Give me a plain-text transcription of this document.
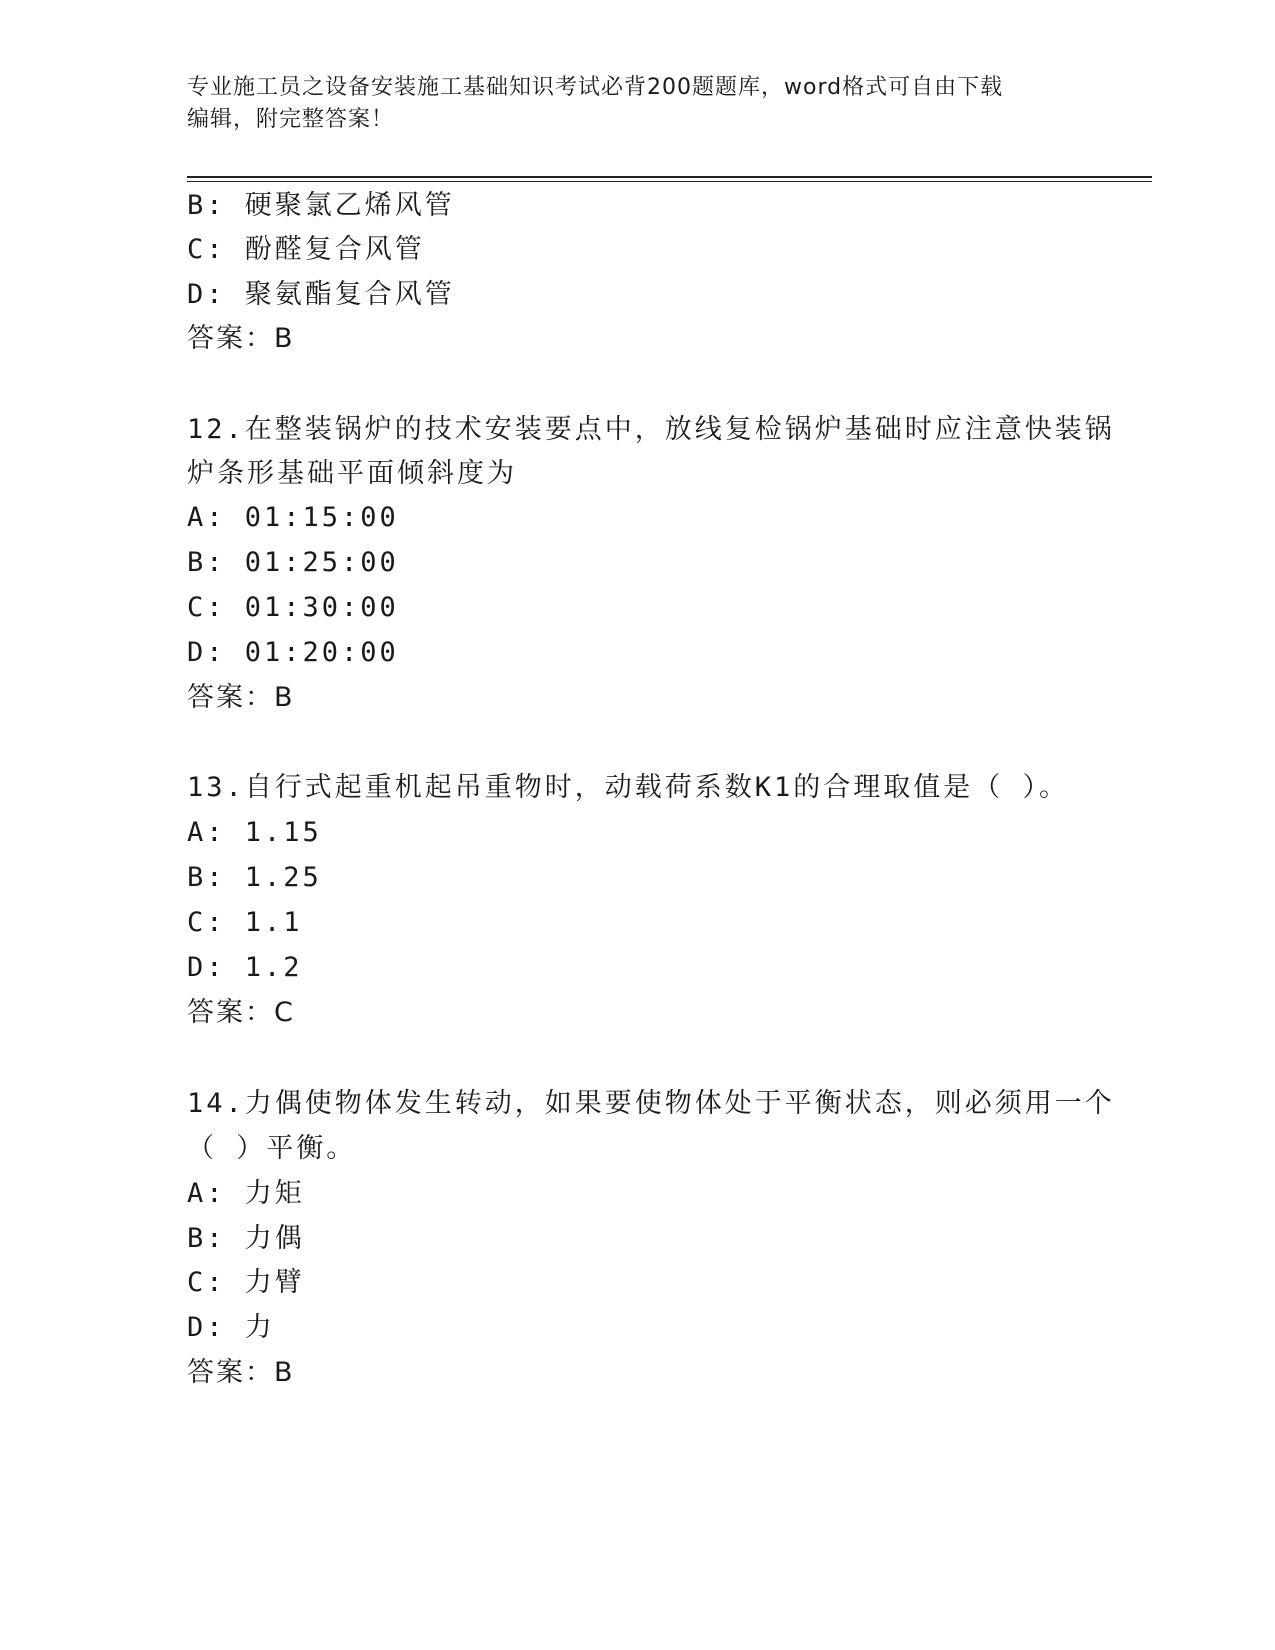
专业施工员之设备安装施工基础知识考试必背200题题库，word格式可自由下载
编辑，附完整答案！
B: 硬聚氯乙烯风管
C: 酚醛复合风管
D: 聚氨酯复合风管
答案：B
12.在整装锅炉的技术安装要点中，放线复检锅炉基础时应注意快装锅
炉条形基础平面倾斜度为
A: 01:15:00
B: 01:25:00
C: 01:30:00
D: 01:20:00
答案：B
13.自行式起重机起吊重物时，动载荷系数K1的合理取值是（ ）。
A: 1.15
B: 1.25
C: 1.1
D: 1.2
答案：C
14.力偶使物体发生转动，如果要使物体处于平衡状态，则必须用一个
（ ）平衡。
A: 力矩
B: 力偶
C: 力臂
D: 力
答案：B
